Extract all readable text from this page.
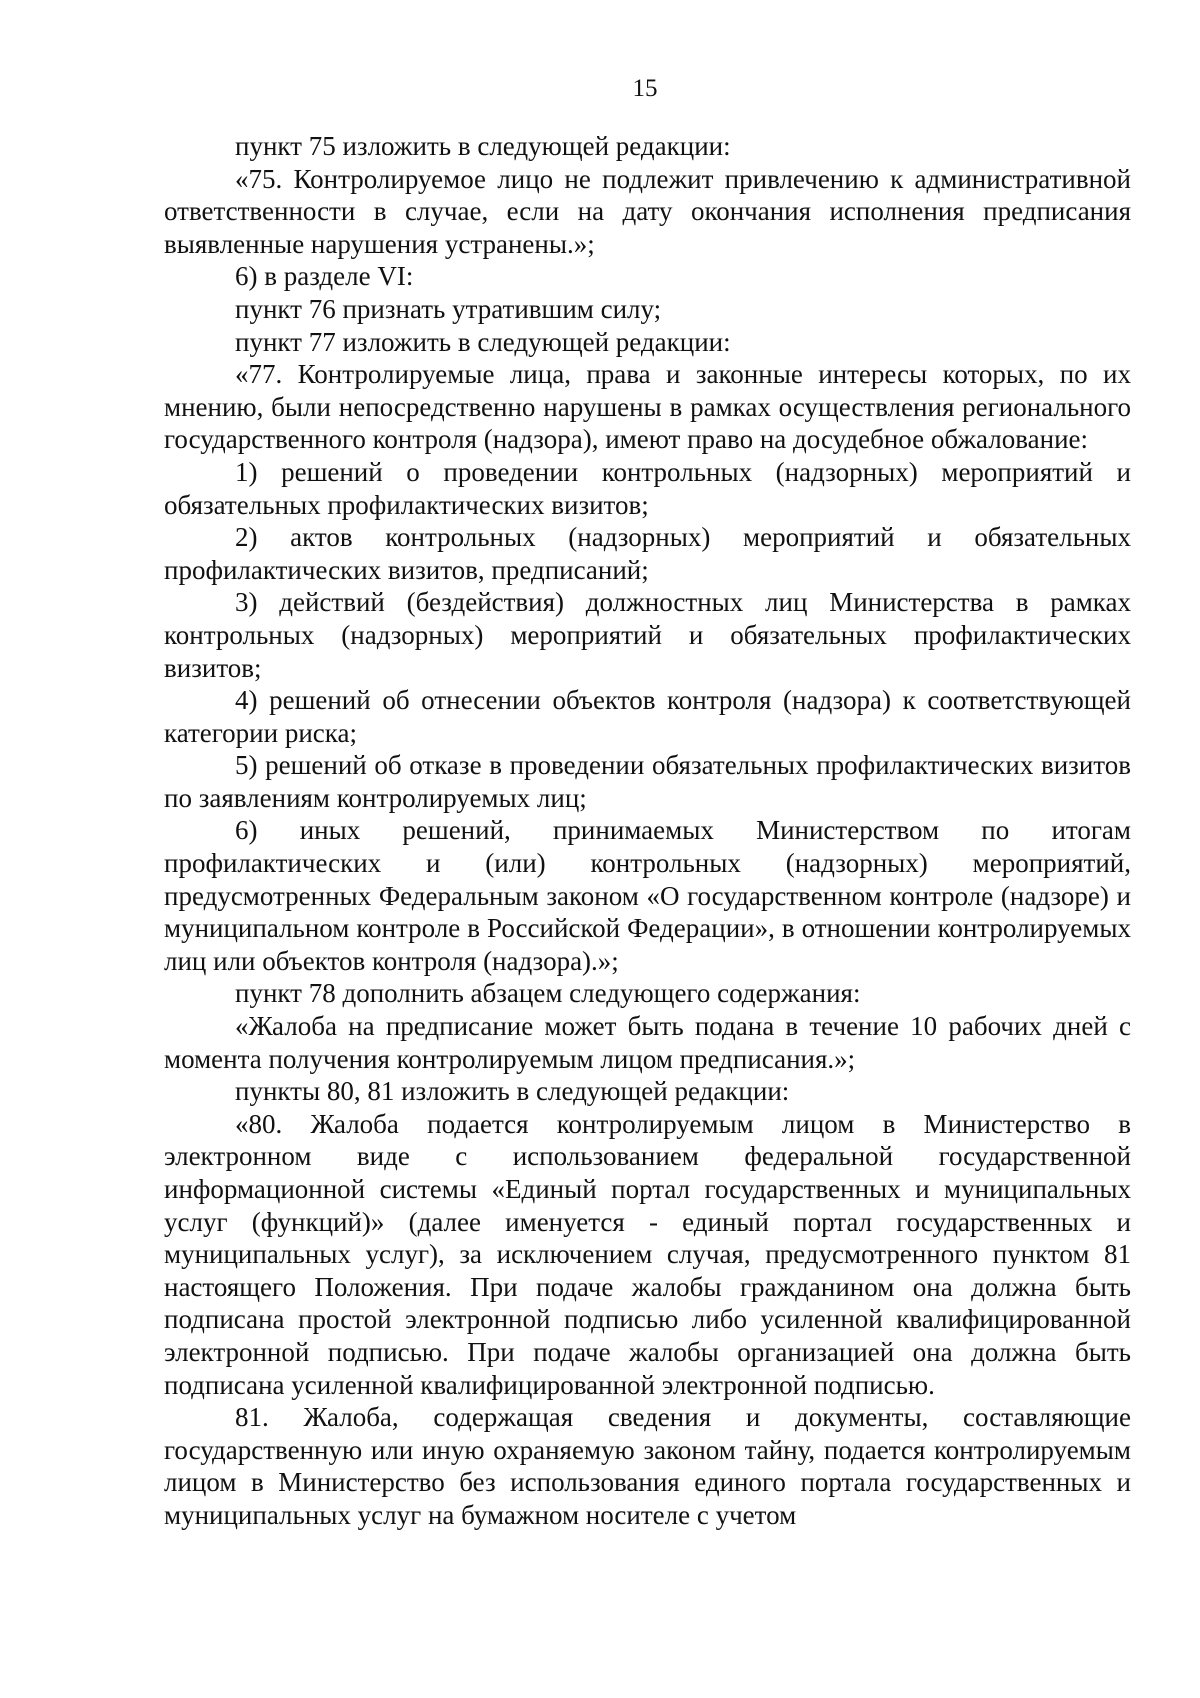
15

пункт 75 изложить в следующей редакции:

«75. Контролируемое лицо не подлежит привлечению к административной ответственности в случае, если на дату окончания исполнения предписания выявленные нарушения устранены.»;

6) в разделе VI:

пункт 76 признать утратившим силу;

пункт 77 изложить в следующей редакции:

«77. Контролируемые лица, права и законные интересы которых, по их мнению, были непосредственно нарушены в рамках осуществления регионального государственного контроля (надзора), имеют право на досудебное обжалование:

1) решений о проведении контрольных (надзорных) мероприятий и обязательных профилактических визитов;

2) актов контрольных (надзорных) мероприятий и обязательных профилактических визитов, предписаний;

3) действий (бездействия) должностных лиц Министерства в рамках контрольных (надзорных) мероприятий и обязательных профилактических визитов;

4) решений об отнесении объектов контроля (надзора) к соответствующей категории риска;

5) решений об отказе в проведении обязательных профилактических визитов по заявлениям контролируемых лиц;

6) иных решений, принимаемых Министерством по итогам профилактических и (или) контрольных (надзорных) мероприятий, предусмотренных Федеральным законом «О государственном контроле (надзоре) и муниципальном контроле в Российской Федерации», в отношении контролируемых лиц или объектов контроля (надзора).»;

пункт 78 дополнить абзацем следующего содержания:

«Жалоба на предписание может быть подана в течение 10 рабочих дней с момента получения контролируемым лицом предписания.»;

пункты 80, 81 изложить в следующей редакции:

«80. Жалоба подается контролируемым лицом в Министерство в электронном виде с использованием федеральной государственной информационной системы «Единый портал государственных и муниципальных услуг (функций)» (далее именуется - единый портал государственных и муниципальных услуг), за исключением случая, предусмотренного пунктом 81 настоящего Положения. При подаче жалобы гражданином она должна быть подписана простой электронной подписью либо усиленной квалифицированной электронной подписью. При подаче жалобы организацией она должна быть подписана усиленной квалифицированной электронной подписью.

81. Жалоба, содержащая сведения и документы, составляющие государственную или иную охраняемую законом тайну, подается контролируемым лицом в Министерство без использования единого портала государственных и муниципальных услуг на бумажном носителе с учетом
